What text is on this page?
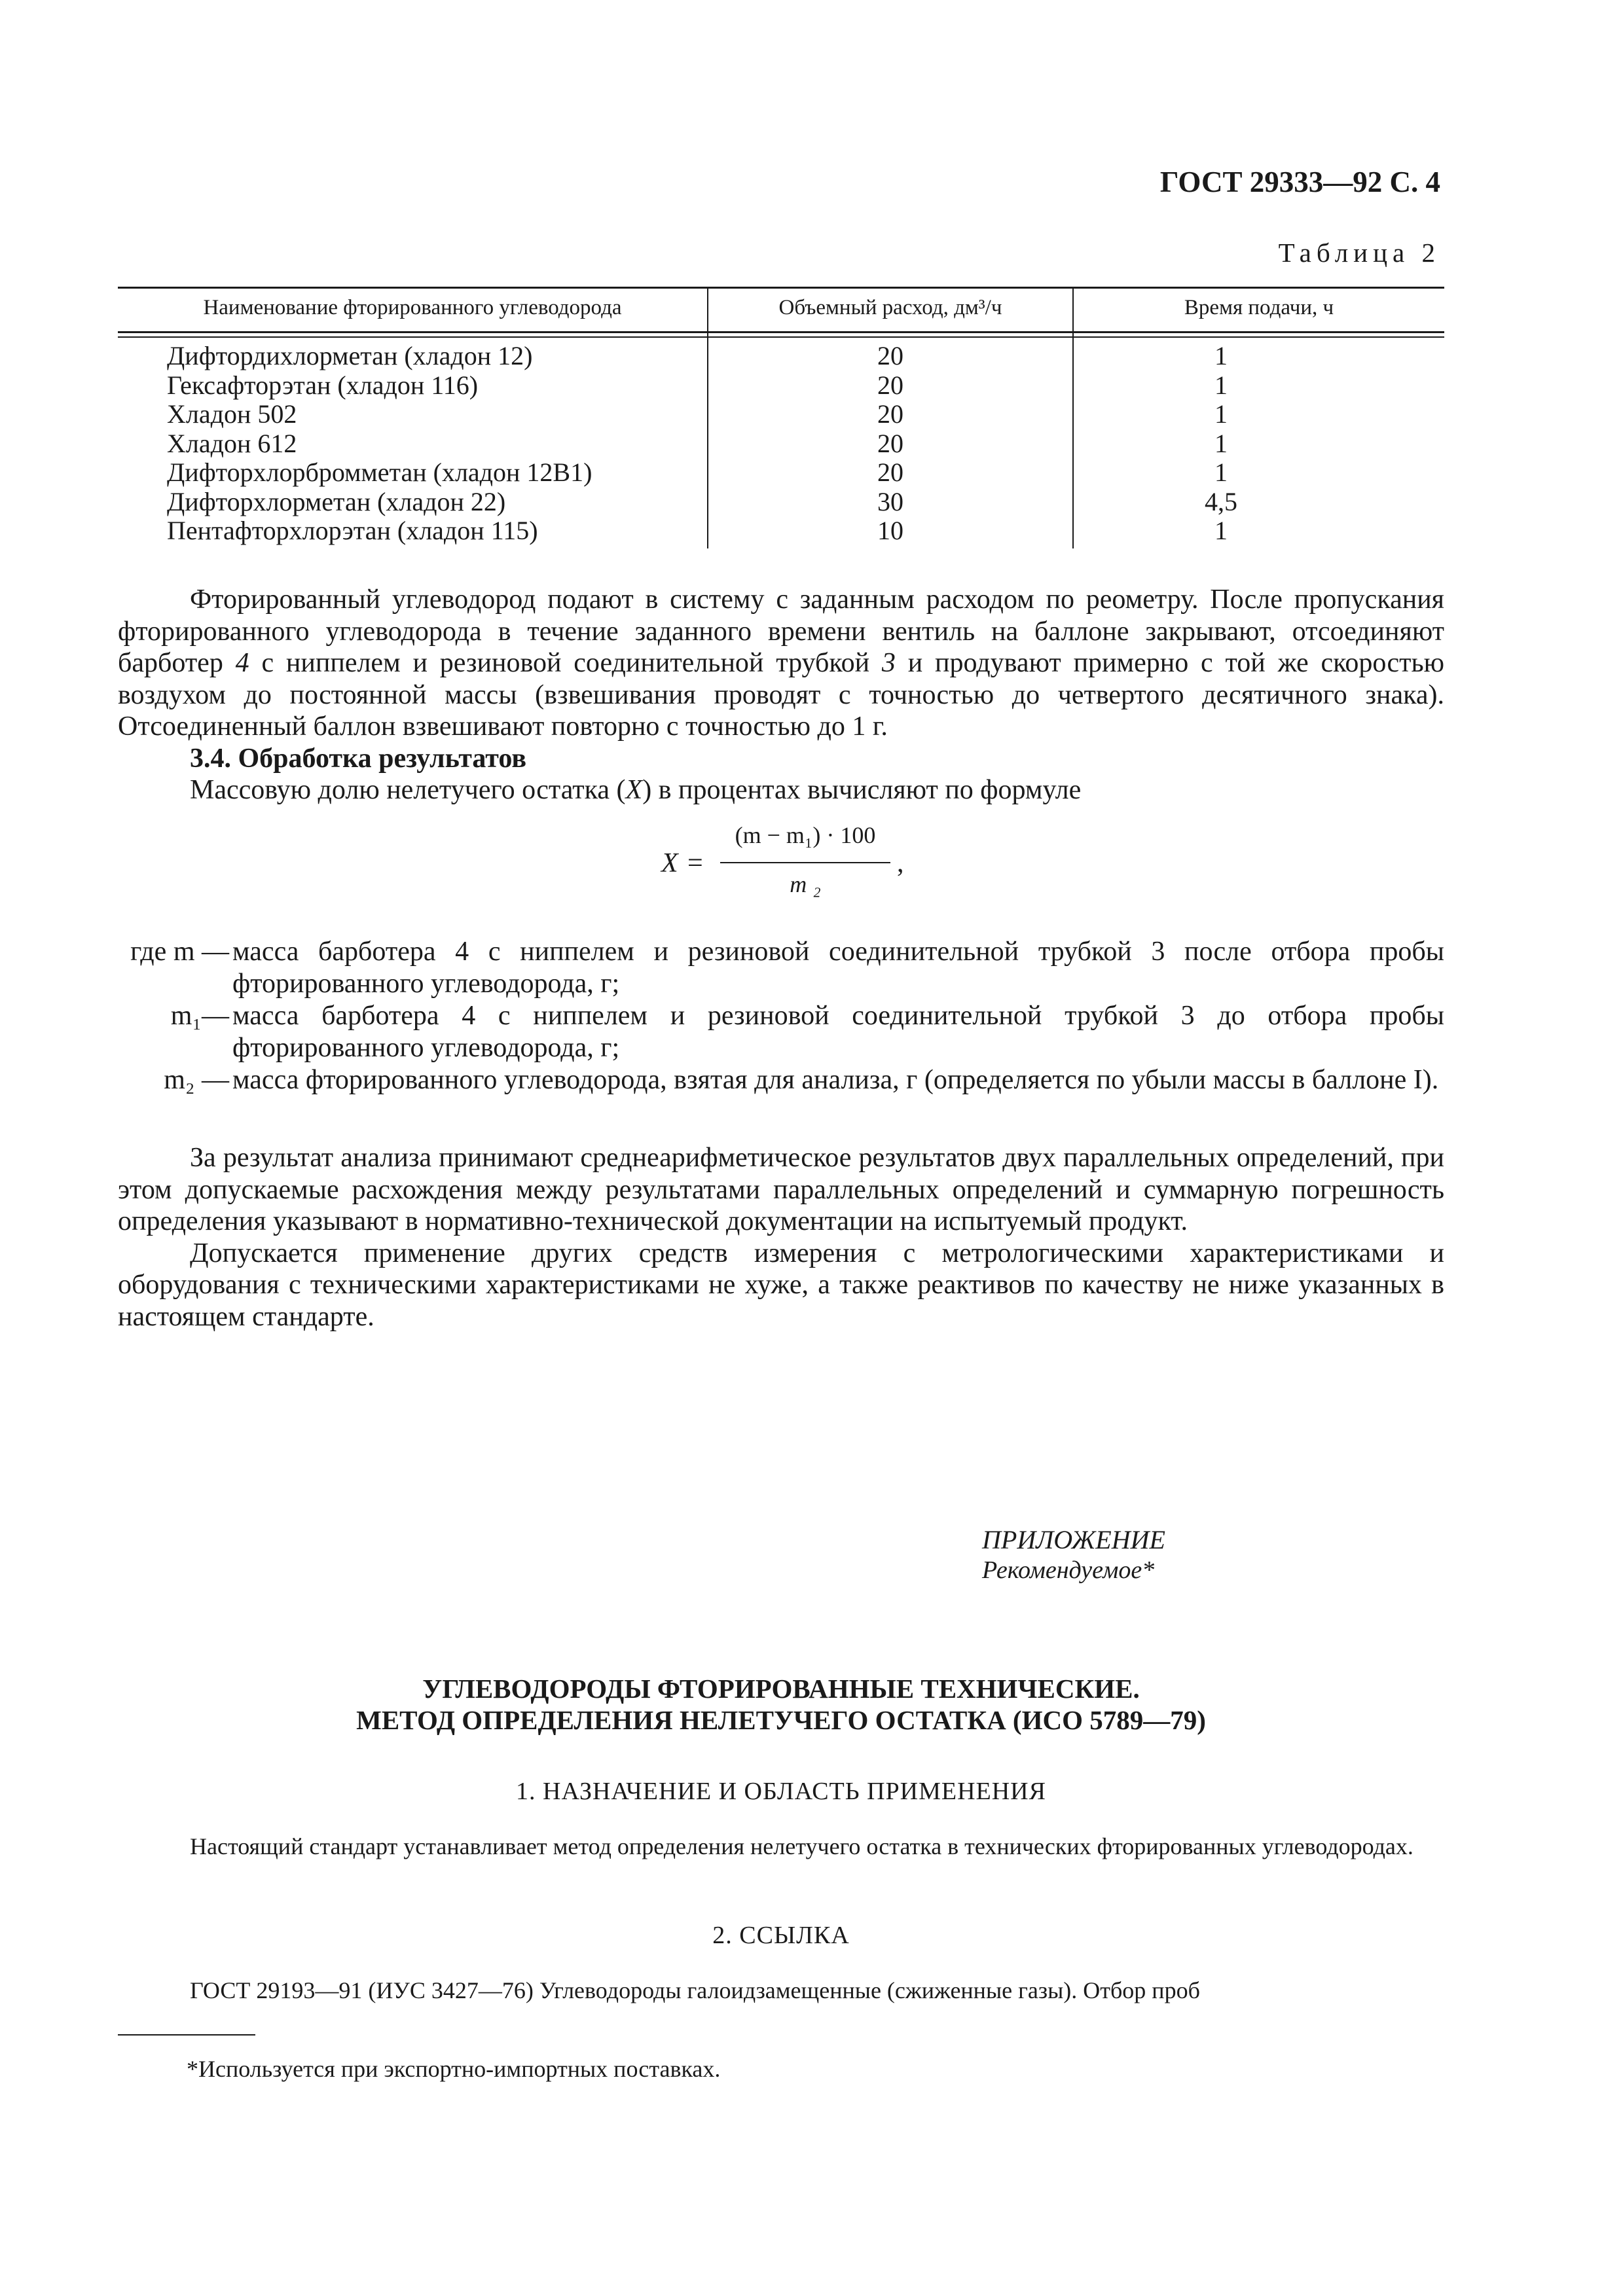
ГОСТ 29333—92 С. 4
Таблица 2
Наименование фторированного углеводорода	Объемный расход, дм³/ч	Время подачи, ч
Дифтордихлорметан (хладон 12)	20	1
Гексафторэтан (хладон 116)	20	1
Хладон 502	20	1
Хладон 612	20	1
Дифторхлорбромметан (хладон 12В1)	20	1
Дифторхлорметан (хладон 22)	30	4,5
Пентафторхлорэтан (хладон 115)	10	1

Фторированный углеводород подают в систему с заданным расходом по реометру. После пропускания фторированного углеводорода в течение заданного времени вентиль на баллоне закрывают, отсоединяют барботер 4 с ниппелем и резиновой соединительной трубкой 3 и продувают примерно с той же скоростью воздухом до постоянной массы (взвешивания проводят с точностью до четвертого десятичного знака). Отсоединенный баллон взвешивают повторно с точностью до 1 г.

3.4. Обработка результатов

Массовую долю нелетучего остатка (X) в процентах вычисляют по формуле

X =
(m − m₁) · 100
m ₂
,
где m — масса барботера 4 с ниппелем и резиновой соединительной трубкой 3 после отбора пробы фторированного углеводорода, г;
m₁— масса барботера 4 с ниппелем и резиновой соединительной трубкой 3 до отбора пробы фторированного углеводорода, г;
m₂ — масса фторированного углеводорода, взятая для анализа, г (определяется по убыли массы в баллоне I).

За результат анализа принимают среднеарифметическое результатов двух параллельных определений, при этом допускаемые расхождения между результатами параллельных определений и суммарную погрешность определения указывают в нормативно-технической документации на испытуемый продукт.

Допускается применение других средств измерения с метрологическими характеристиками и оборудования с техническими характеристиками не хуже, а также реактивов по качеству не ниже указанных в настоящем стандарте.

ПРИЛОЖЕНИЕ
Рекомендуемое*
УГЛЕВОДОРОДЫ ФТОРИРОВАННЫЕ ТЕХНИЧЕСКИЕ.
МЕТОД ОПРЕДЕЛЕНИЯ НЕЛЕТУЧЕГО ОСТАТКА (ИСО 5789—79)
1. НАЗНАЧЕНИЕ И ОБЛАСТЬ ПРИМЕНЕНИЯ

Настоящий стандарт устанавливает метод определения нелетучего остатка в технических фторированных углеводородах.

2. ССЫЛКА

ГОСТ 29193—91 (ИУС 3427—76) Углеводороды галоидзамещенные (сжиженные газы). Отбор проб

*Используется при экспортно-импортных поставках.
